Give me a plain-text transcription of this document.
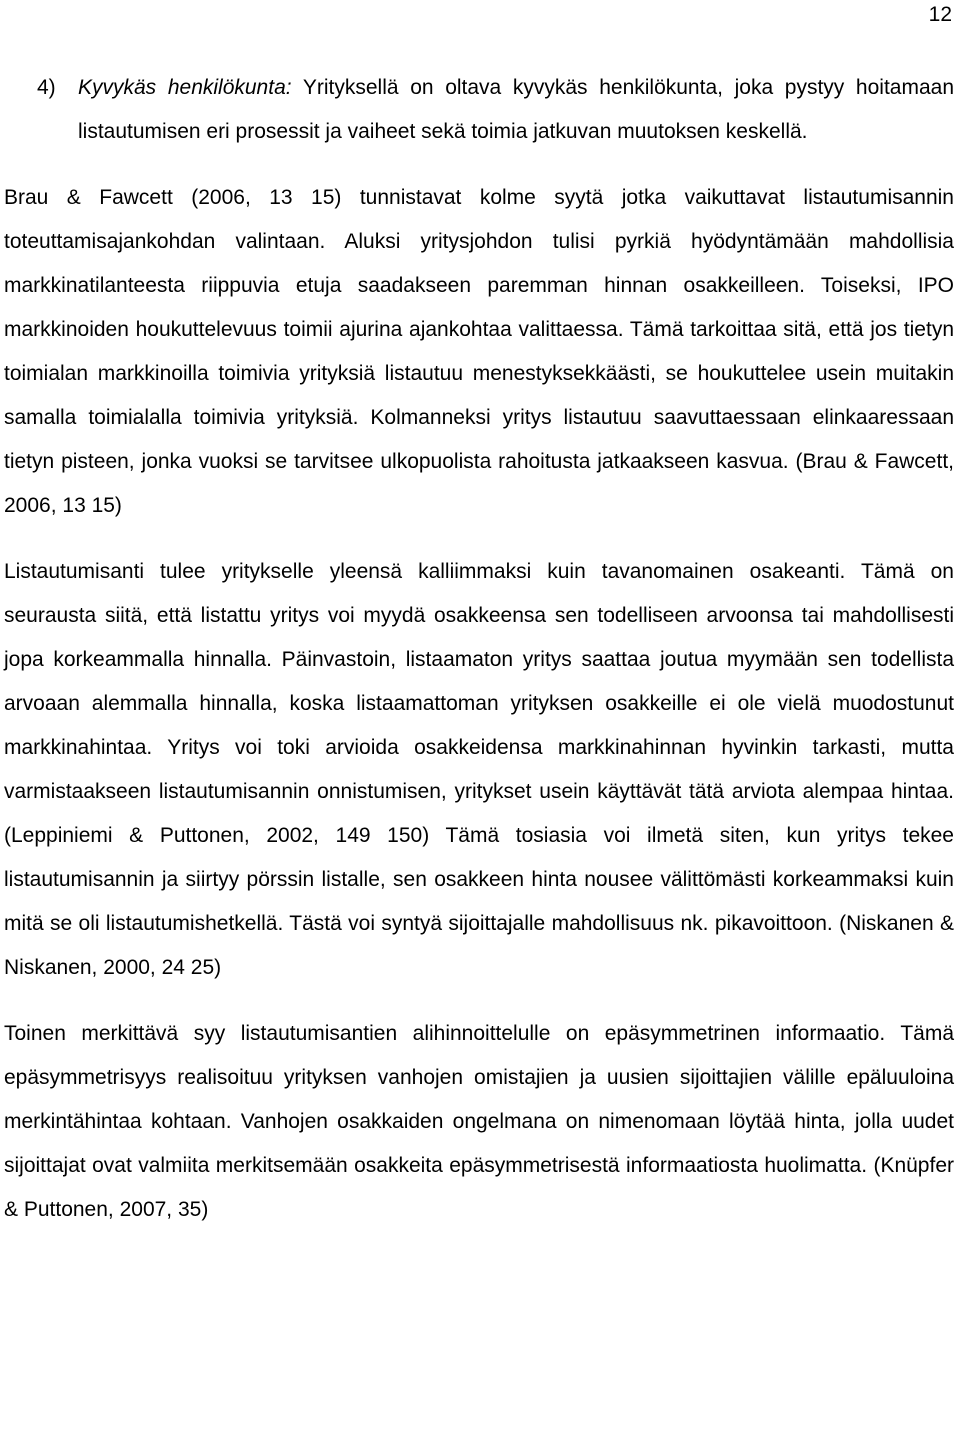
12
4)	Kyvykäs henkilökunta: Yrityksellä on oltava kyvykäs henkilökunta, joka pystyy hoitamaan listautumisen eri prosessit ja vaiheet sekä toimia jatkuvan muutoksen keskellä.

Brau & Fawcett (2006, 13 15) tunnistavat kolme syytä jotka vaikuttavat listautumisannin toteuttamisajankohdan valintaan. Aluksi yritysjohdon tulisi pyrkiä hyödyntämään mahdollisia markkinatilanteesta riippuvia etuja saadakseen paremman hinnan osakkeilleen. Toiseksi, IPO markkinoiden houkuttelevuus toimii ajurina ajankohtaa valittaessa. Tämä tarkoittaa sitä, että jos tietyn toimialan markkinoilla toimivia yrityksiä listautuu menestyksekkäästi, se houkuttelee usein muitakin samalla toimialalla toimivia yrityksiä. Kolmanneksi yritys listautuu saavuttaessaan elinkaaressaan tietyn pisteen, jonka vuoksi se tarvitsee ulkopuolista rahoitusta jatkaakseen kasvua. (Brau & Fawcett, 2006, 13 15)

Listautumisanti tulee yritykselle yleensä kalliimmaksi kuin tavanomainen osakeanti. Tämä on seurausta siitä, että listattu yritys voi myydä osakkeensa sen todelliseen arvoonsa tai mahdollisesti jopa korkeammalla hinnalla. Päinvastoin, listaamaton yritys saattaa joutua myymään sen todellista arvoaan alemmalla hinnalla, koska listaamattoman yrityksen osakkeille ei ole vielä muodostunut markkinahintaa. Yritys voi toki arvioida osakkeidensa markkinahinnan hyvinkin tarkasti, mutta varmistaakseen listautumisannin onnistumisen, yritykset usein käyttävät tätä arviota alempaa hintaa. (Leppiniemi & Puttonen, 2002, 149 150) Tämä tosiasia voi ilmetä siten, kun yritys tekee listautumisannin ja siirtyy pörssin listalle, sen osakkeen hinta nousee välittömästi korkeammaksi kuin mitä se oli listautumishetkellä. Tästä voi syntyä sijoittajalle mahdollisuus nk. pikavoittoon. (Niskanen & Niskanen, 2000, 24 25)

Toinen merkittävä syy listautumisantien alihinnoittelulle on epäsymmetrinen informaatio. Tämä epäsymmetrisyys realisoituu yrityksen vanhojen omistajien ja uusien sijoittajien välille epäluuloina merkintähintaa kohtaan. Vanhojen osakkaiden ongelmana on nimenomaan löytää hinta, jolla uudet sijoittajat ovat valmiita merkitsemään osakkeita epäsymmetrisestä informaatiosta huolimatta. (Knüpfer & Puttonen, 2007, 35)
